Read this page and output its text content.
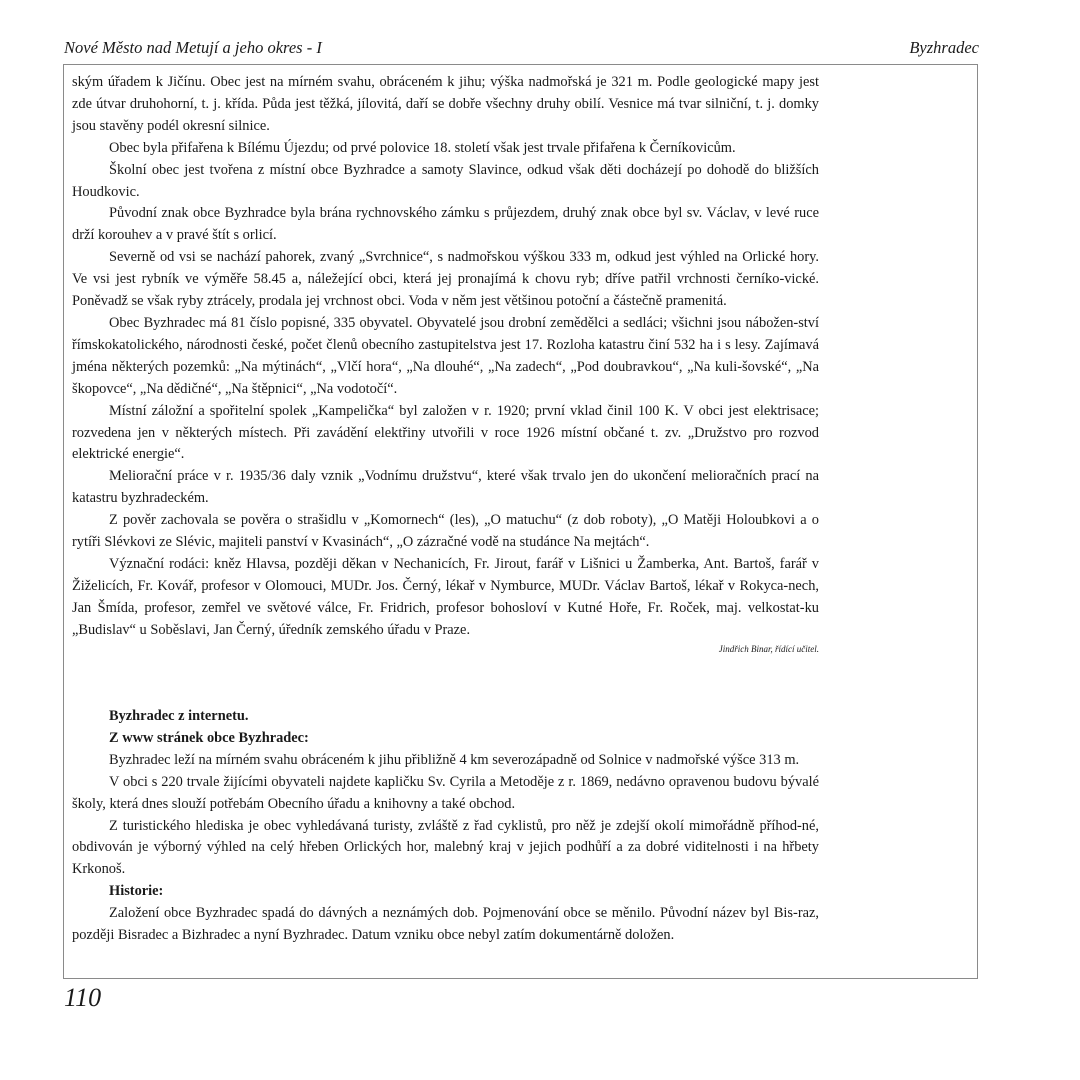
Nové Město nad Metují a jeho okres - I	Byzhradec

ským úřadem k Jičínu. Obec jest na mírném svahu, obráceném k jihu; výška nadmořská je 321 m. Podle geologické mapy jest zde útvar druhohorní, t. j. křída. Půda jest těžká, jílovitá, daří se dobře všechny druhy obilí. Vesnice má tvar silniční, t. j. domky jsou stavěny podél okresní silnice.

Obec byla přifařena k Bílému Újezdu; od prvé polovice 18. století však jest trvale přifařena k Černíkovicům.

Školní obec jest tvořena z místní obce Byzhradce a samoty Slavince, odkud však děti docházejí po dohodě do bližších Houdkovic.

Původní znak obce Byzhradce byla brána rychnovského zámku s průjezdem, druhý znak obce byl sv. Václav, v levé ruce drží korouhev a v pravé štít s orlicí.

Severně od vsi se nachází pahorek, zvaný „Svrchnice“, s nadmořskou výškou 333 m, odkud jest výhled na Orlické hory. Ve vsi jest rybník ve výměře 58.45 a, náležející obci, která jej pronajímá k chovu ryb; dříve patřil vrchnosti černíko-vické. Poněvadž se však ryby ztrácely, prodala jej vrchnost obci. Voda v něm jest většinou potoční a částečně pramenitá.

Obec Byzhradec má 81 číslo popisné, 335 obyvatel. Obyvatelé jsou drobní zemědělci a sedláci; všichni jsou nábožen-ství římskokatolického, národnosti české, počet členů obecního zastupitelstva jest 17. Rozloha katastru činí 532 ha i s lesy. Zajímavá jména některých pozemků: „Na mýtinách“, „Vlčí hora“, „Na dlouhé“, „Na zadech“, „Pod doubravkou“, „Na kuli-šovské“, „Na škopovce“, „Na dědičné“, „Na štěpnici“, „Na vodotočí“.

Místní záložní a spořitelní spolek „Kampelička“ byl založen v r. 1920; první vklad činil 100 K. V obci jest elektrisace; rozvedena jen v některých místech. Při zavádění elektřiny utvořili v roce 1926 místní občané t. zv. „Družstvo pro rozvod elektrické energie“.

Meliorační práce v r. 1935/36 daly vznik „Vodnímu družstvu“, které však trvalo jen do ukončení melioračních prací na katastru byzhradeckém.

Z pověr zachovala se pověra o strašidlu v „Komornech“ (les), „O matuchu“ (z dob roboty), „O Matěji Holoubkovi a o rytíři Slévkovi ze Slévic, majiteli panství v Kvasinách“, „O zázračné vodě na studánce Na mejtách“.

Význační rodáci: kněz Hlavsa, později děkan v Nechanicích, Fr. Jirout, farář v Lišnici u Žamberka, Ant. Bartoš, farář v Žiželicích, Fr. Kovář, profesor v Olomouci, MUDr. Jos. Černý, lékař v Nymburce, MUDr. Václav Bartoš, lékař v Rokyca-nech, Jan Šmída, profesor, zemřel ve světové válce, Fr. Fridrich, profesor bohosloví v Kutné Hoře, Fr. Roček, maj. velkostat-ku „Budislav“ u Soběslavi, Jan Černý, úředník zemského úřadu v Praze.

Jindřich Binar, řídící učitel.

Byzhradec z internetu.

Z www stránek obce Byzhradec:

Byzhradec leží na mírném svahu obráceném k jihu přibližně 4 km severozápadně od Solnice v nadmořské výšce 313 m.

V obci s 220 trvale žijícími obyvateli najdete kapličku Sv. Cyrila a Metoděje z r. 1869, nedávno opravenou budovu bývalé školy, která dnes slouží potřebám Obecního úřadu a knihovny a také obchod.

Z turistického hlediska je obec vyhledávaná turisty, zvláště z řad cyklistů, pro něž je zdejší okolí mimořádně příhod-né, obdivován je výborný výhled na celý hřeben Orlických hor, malebný kraj v jejich podhůří a za dobré viditelnosti i na hřbety Krkonoš.

Historie:

Založení obce Byzhradec spadá do dávných a neznámých dob. Pojmenování obce se měnilo. Původní název byl Bis-raz, později Bisradec a Bizhradec a nyní Byzhradec. Datum vzniku obce nebyl zatím dokumentárně doložen.

110
